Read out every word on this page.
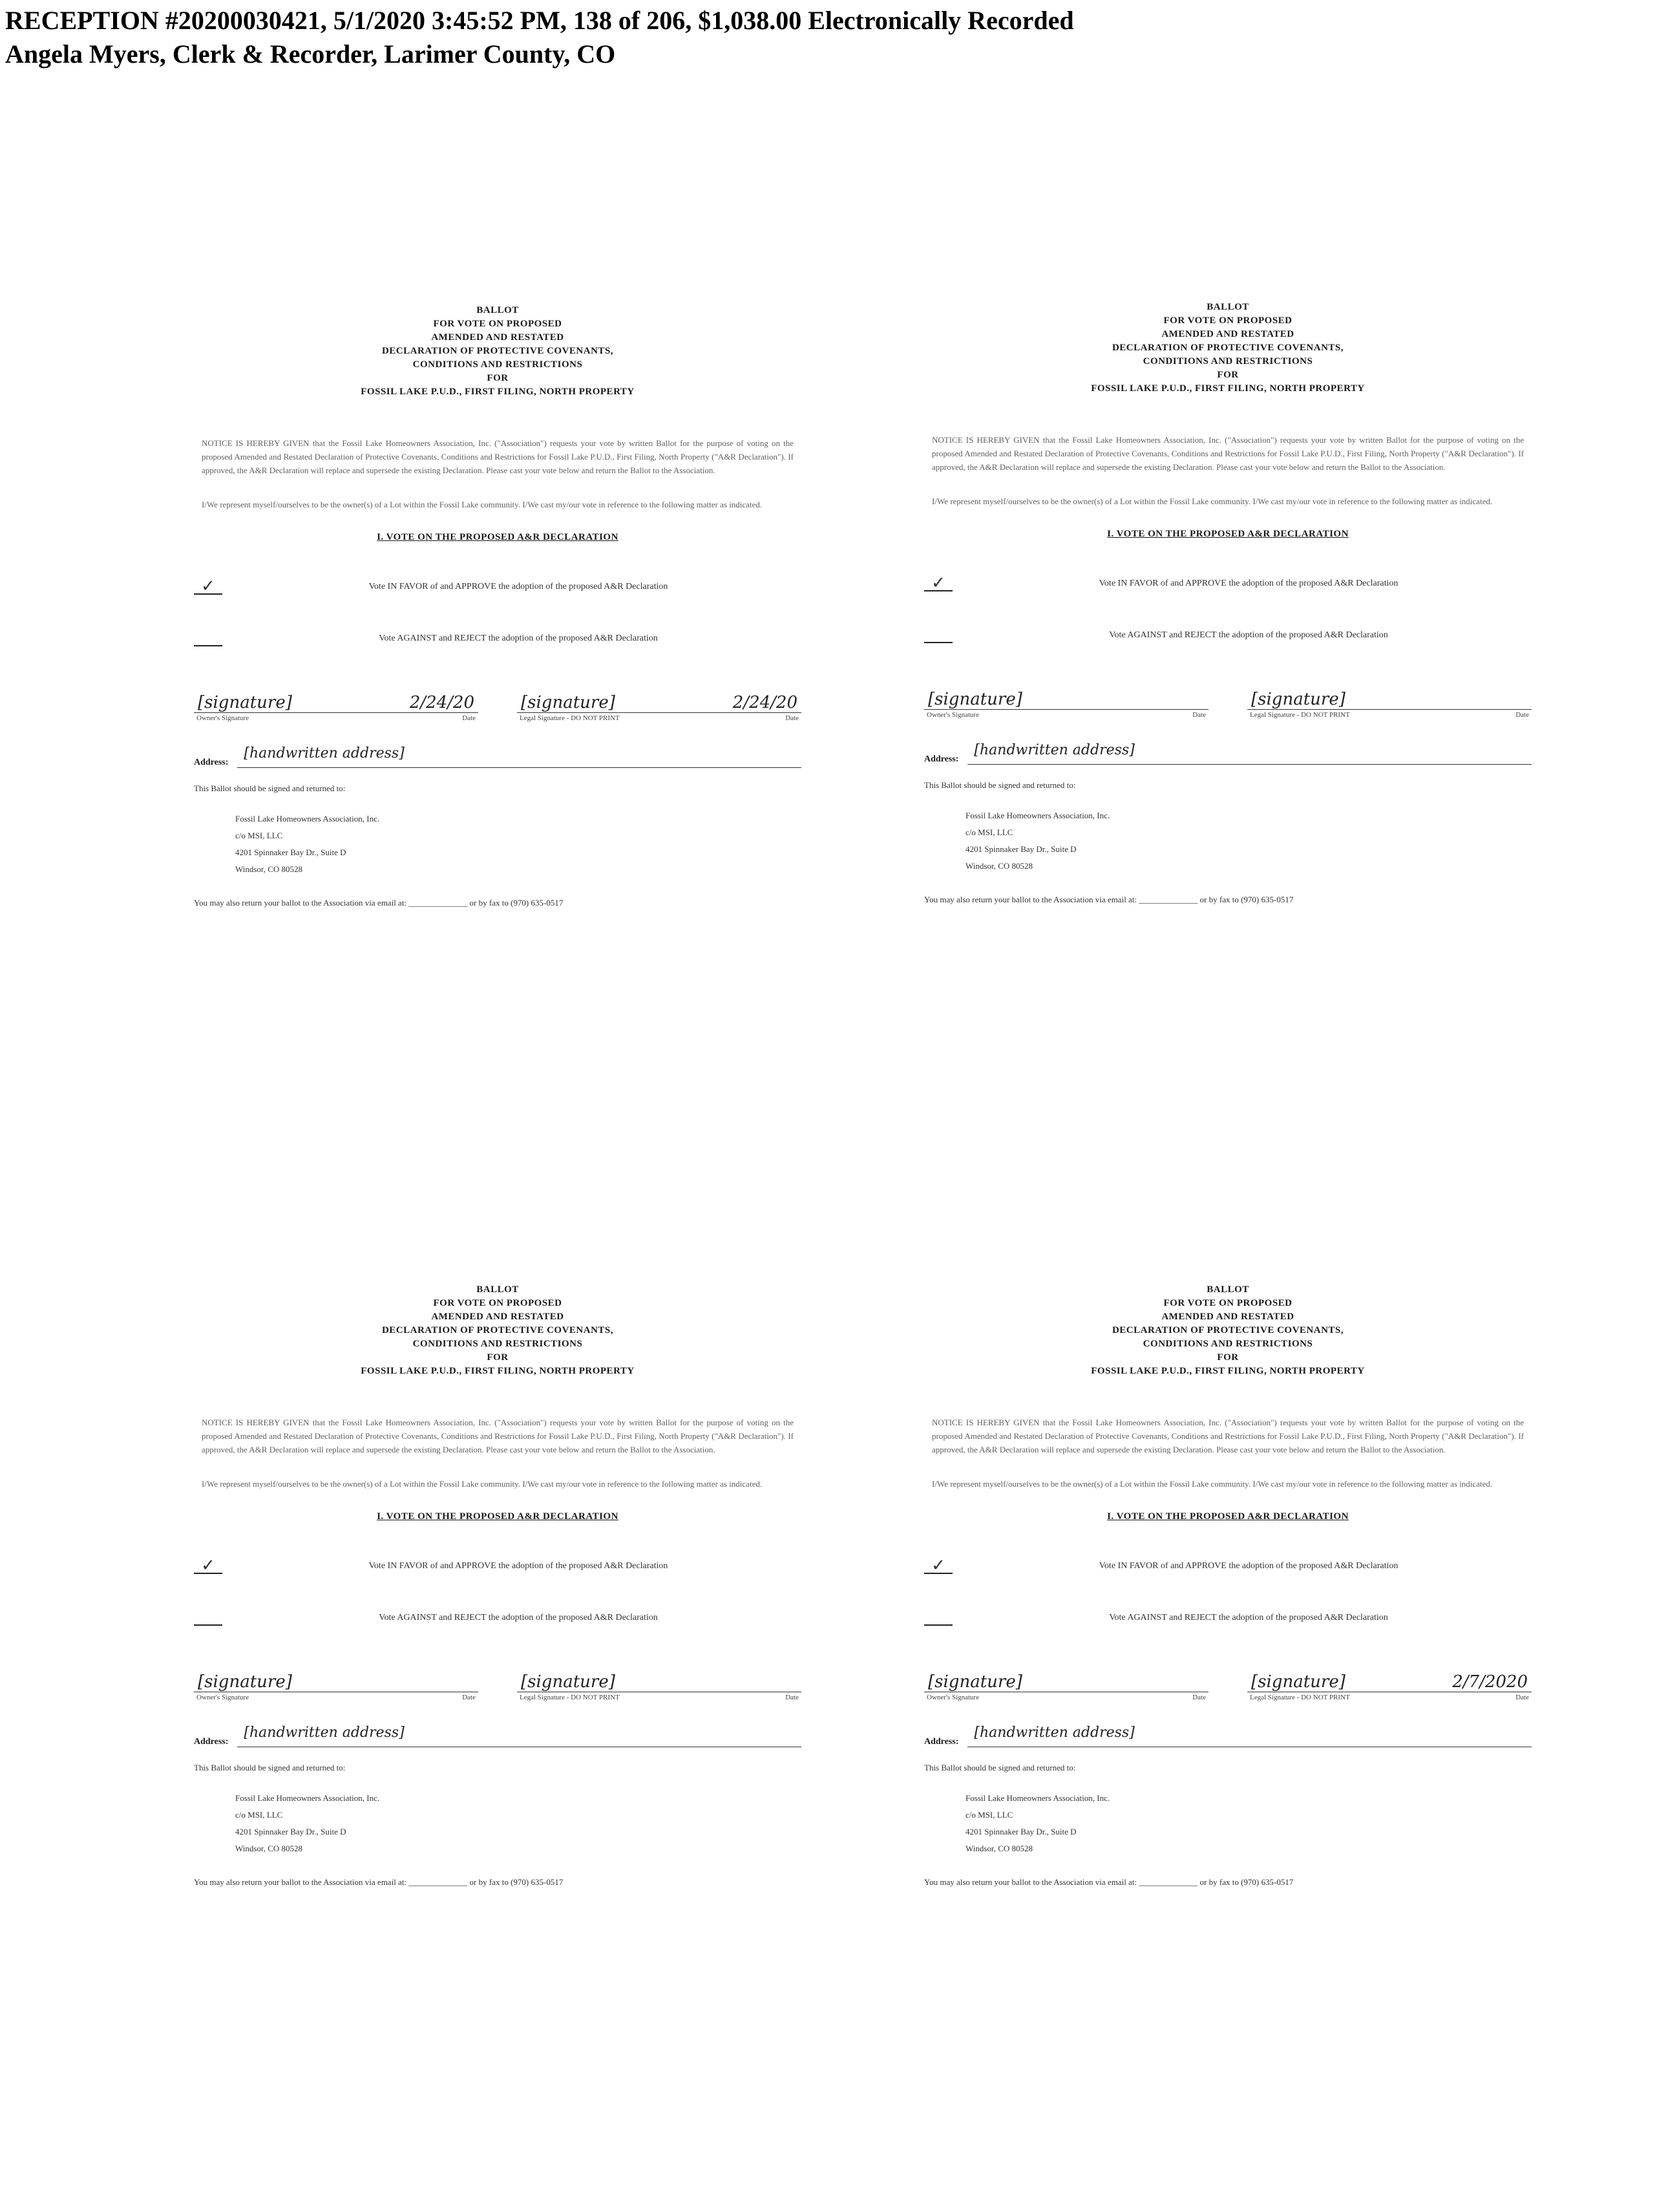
RECEPTION #20200030421, 5/1/2020 3:45:52 PM, 138 of 206, $1,038.00 Electronically Recorded
Angela Myers, Clerk & Recorder, Larimer County, CO
BALLOT
FOR VOTE ON PROPOSED
AMENDED AND RESTATED
DECLARATION OF PROTECTIVE COVENANTS,
CONDITIONS AND RESTRICTIONS
FOR
FOSSIL LAKE P.U.D., FIRST FILING, NORTH PROPERTY
NOTICE IS HEREBY GIVEN that the Fossil Lake Homeowners Association, Inc. ("Association") requests your vote by written Ballot for the purpose of voting on the proposed Amended and Restated Declaration of Protective Covenants, Conditions and Restrictions for Fossil Lake P.U.D., First Filing, North Property ("A&R Declaration"). If approved, the A&R Declaration will replace and supersede the existing Declaration. Please cast your vote below and return the Ballot to the Association.
I/We represent myself/ourselves to be the owner(s) of a Lot within the Fossil Lake community. I/We cast my/our vote in reference to the following matter as indicated.
I. VOTE ON THE PROPOSED A&R DECLARATION
✓	Vote IN FAVOR of and APPROVE the adoption of the proposed A&R Declaration
Vote AGAINST and REJECT the adoption of the proposed A&R Declaration
[signature]	2/24/20
Owner's Signature	Date
[signature]	2/24/20
Legal Signature - DO NOT PRINT	Date
Address:
[handwritten address]
This Ballot should be signed and returned to:
Fossil Lake Homeowners Association, Inc.
c/o MSI, LLC
4201 Spinnaker Bay Dr., Suite D
Windsor, CO 80528
You may also return your ballot to the Association via email at: ______________ or by fax to (970) 635-0517
BALLOT
FOR VOTE ON PROPOSED
AMENDED AND RESTATED
DECLARATION OF PROTECTIVE COVENANTS,
CONDITIONS AND RESTRICTIONS
FOR
FOSSIL LAKE P.U.D., FIRST FILING, NORTH PROPERTY
NOTICE IS HEREBY GIVEN that the Fossil Lake Homeowners Association, Inc. ("Association") requests your vote by written Ballot for the purpose of voting on the proposed Amended and Restated Declaration of Protective Covenants, Conditions and Restrictions for Fossil Lake P.U.D., First Filing, North Property ("A&R Declaration"). If approved, the A&R Declaration will replace and supersede the existing Declaration. Please cast your vote below and return the Ballot to the Association.
I/We represent myself/ourselves to be the owner(s) of a Lot within the Fossil Lake community. I/We cast my/our vote in reference to the following matter as indicated.
I. VOTE ON THE PROPOSED A&R DECLARATION
✓	Vote IN FAVOR of and APPROVE the adoption of the proposed A&R Declaration
Vote AGAINST and REJECT the adoption of the proposed A&R Declaration
[signature]
Owner's Signature	Date
[signature]
Legal Signature - DO NOT PRINT	Date
Address:
[handwritten address]
This Ballot should be signed and returned to:
Fossil Lake Homeowners Association, Inc.
c/o MSI, LLC
4201 Spinnaker Bay Dr., Suite D
Windsor, CO 80528
You may also return your ballot to the Association via email at: ______________ or by fax to (970) 635-0517
BALLOT
FOR VOTE ON PROPOSED
AMENDED AND RESTATED
DECLARATION OF PROTECTIVE COVENANTS,
CONDITIONS AND RESTRICTIONS
FOR
FOSSIL LAKE P.U.D., FIRST FILING, NORTH PROPERTY
NOTICE IS HEREBY GIVEN that the Fossil Lake Homeowners Association, Inc. ("Association") requests your vote by written Ballot for the purpose of voting on the proposed Amended and Restated Declaration of Protective Covenants, Conditions and Restrictions for Fossil Lake P.U.D., First Filing, North Property ("A&R Declaration"). If approved, the A&R Declaration will replace and supersede the existing Declaration. Please cast your vote below and return the Ballot to the Association.
I/We represent myself/ourselves to be the owner(s) of a Lot within the Fossil Lake community. I/We cast my/our vote in reference to the following matter as indicated.
I. VOTE ON THE PROPOSED A&R DECLARATION
✓	Vote IN FAVOR of and APPROVE the adoption of the proposed A&R Declaration
Vote AGAINST and REJECT the adoption of the proposed A&R Declaration
[signature]
Owner's Signature	Date
[signature]
Legal Signature - DO NOT PRINT	Date
Address:
[handwritten address]
This Ballot should be signed and returned to:
Fossil Lake Homeowners Association, Inc.
c/o MSI, LLC
4201 Spinnaker Bay Dr., Suite D
Windsor, CO 80528
You may also return your ballot to the Association via email at: ______________ or by fax to (970) 635-0517
BALLOT
FOR VOTE ON PROPOSED
AMENDED AND RESTATED
DECLARATION OF PROTECTIVE COVENANTS,
CONDITIONS AND RESTRICTIONS
FOR
FOSSIL LAKE P.U.D., FIRST FILING, NORTH PROPERTY
NOTICE IS HEREBY GIVEN that the Fossil Lake Homeowners Association, Inc. ("Association") requests your vote by written Ballot for the purpose of voting on the proposed Amended and Restated Declaration of Protective Covenants, Conditions and Restrictions for Fossil Lake P.U.D., First Filing, North Property ("A&R Declaration"). If approved, the A&R Declaration will replace and supersede the existing Declaration. Please cast your vote below and return the Ballot to the Association.
I/We represent myself/ourselves to be the owner(s) of a Lot within the Fossil Lake community. I/We cast my/our vote in reference to the following matter as indicated.
I. VOTE ON THE PROPOSED A&R DECLARATION
✓	Vote IN FAVOR of and APPROVE the adoption of the proposed A&R Declaration
Vote AGAINST and REJECT the adoption of the proposed A&R Declaration
[signature]
Owner's Signature	Date
[signature]	2/7/2020
Legal Signature - DO NOT PRINT	Date
Address:
[handwritten address]
This Ballot should be signed and returned to:
Fossil Lake Homeowners Association, Inc.
c/o MSI, LLC
4201 Spinnaker Bay Dr., Suite D
Windsor, CO 80528
You may also return your ballot to the Association via email at: ______________ or by fax to (970) 635-0517
